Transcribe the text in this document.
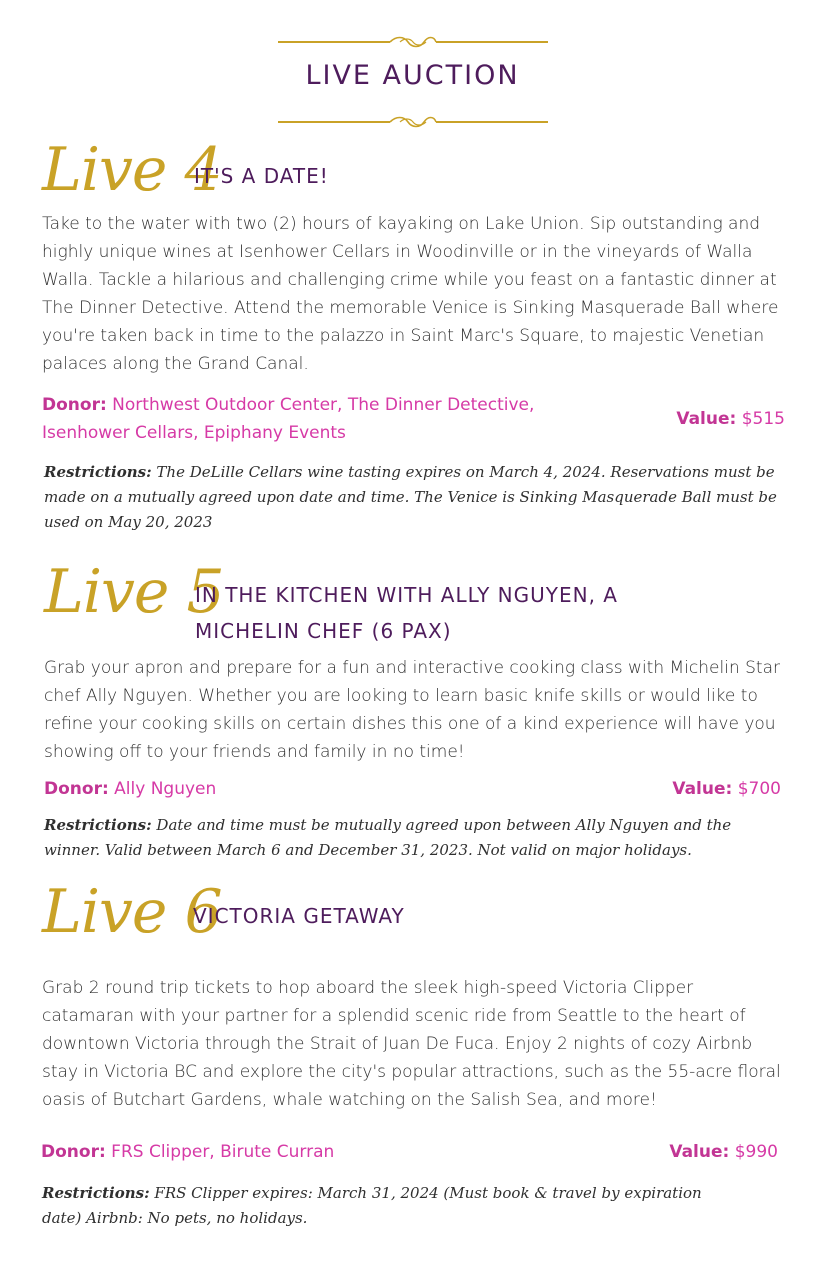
LIVE AUCTION
Live 4
IT'S A DATE!
Take to the water with two (2) hours of kayaking on Lake Union. Sip outstanding and highly unique wines at Isenhower Cellars in Woodinville or in the vineyards of Walla Walla. Tackle a hilarious and challenging crime while you feast on a fantastic dinner at The Dinner Detective. Attend the memorable Venice is Sinking Masquerade Ball where you're taken back in time to the palazzo in Saint Marc's Square, to majestic Venetian palaces along the Grand Canal.
Donor: Northwest Outdoor Center, The Dinner Detective, Isenhower Cellars, Epiphany Events
Value: $515
Restrictions: The DeLille Cellars wine tasting expires on March 4, 2024. Reservations must be made on a mutually agreed upon date and time. The Venice is Sinking Masquerade Ball must be used on May 20, 2023
Live 5
IN THE KITCHEN WITH ALLY NGUYEN, A MICHELIN CHEF (6 PAX)
Grab your apron and prepare for a fun and interactive cooking class with Michelin Star chef Ally Nguyen. Whether you are looking to learn basic knife skills or would like to refine your cooking skills on certain dishes this one of a kind experience will have you showing off to your friends and family in no time!
Donor: Ally Nguyen	Value: $700
Restrictions: Date and time must be mutually agreed upon between Ally Nguyen and the winner. Valid between March 6 and December 31, 2023. Not valid on major holidays.
Live 6
VICTORIA GETAWAY
Grab 2 round trip tickets to hop aboard the sleek high-speed Victoria Clipper catamaran with your partner for a splendid scenic ride from Seattle to the heart of downtown Victoria through the Strait of Juan De Fuca. Enjoy 2 nights of cozy Airbnb stay in Victoria BC and explore the city's popular attractions, such as the 55-acre floral oasis of Butchart Gardens, whale watching on the Salish Sea, and more!
Donor: FRS Clipper, Birute Curran	Value: $990
Restrictions: FRS Clipper expires: March 31, 2024 (Must book & travel by expiration date) Airbnb: No pets, no holidays.
